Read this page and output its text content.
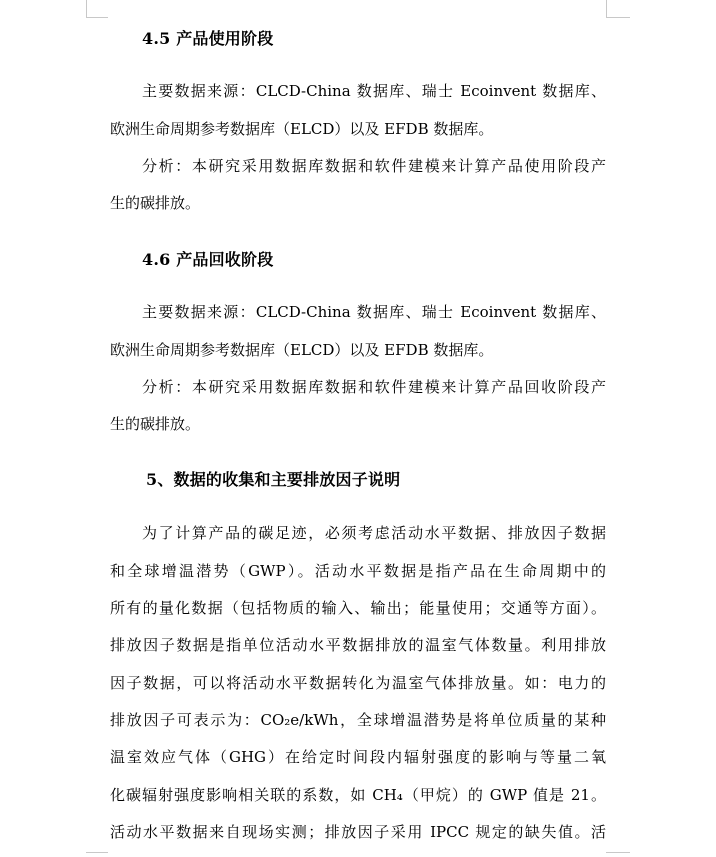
4.5 产品使用阶段
主要数据来源：CLCD-China 数据库、瑞士 Ecoinvent 数据库、
欧洲生命周期参考数据库（ELCD）以及 EFDB 数据库。
分析：本研究采用数据库数据和软件建模来计算产品使用阶段产
生的碳排放。
4.6 产品回收阶段
主要数据来源：CLCD-China 数据库、瑞士 Ecoinvent 数据库、
欧洲生命周期参考数据库（ELCD）以及 EFDB 数据库。
分析：本研究采用数据库数据和软件建模来计算产品回收阶段产
生的碳排放。
5、数据的收集和主要排放因子说明
为了计算产品的碳足迹，必须考虑活动水平数据、排放因子数据
和全球增温潜势（GWP）。活动水平数据是指产品在生命周期中的
所有的量化数据（包括物质的输入、输出；能量使用；交通等方面）。
排放因子数据是指单位活动水平数据排放的温室气体数量。利用排放
因子数据，可以将活动水平数据转化为温室气体排放量。如：电力的
排放因子可表示为：CO₂e/kWh，全球增温潜势是将单位质量的某种
温室效应气体（GHG）在给定时间段内辐射强度的影响与等量二氧
化碳辐射强度影响相关联的系数，如 CH₄（甲烷）的 GWP 值是 21。
活动水平数据来自现场实测；排放因子采用 IPCC 规定的缺失值。活
